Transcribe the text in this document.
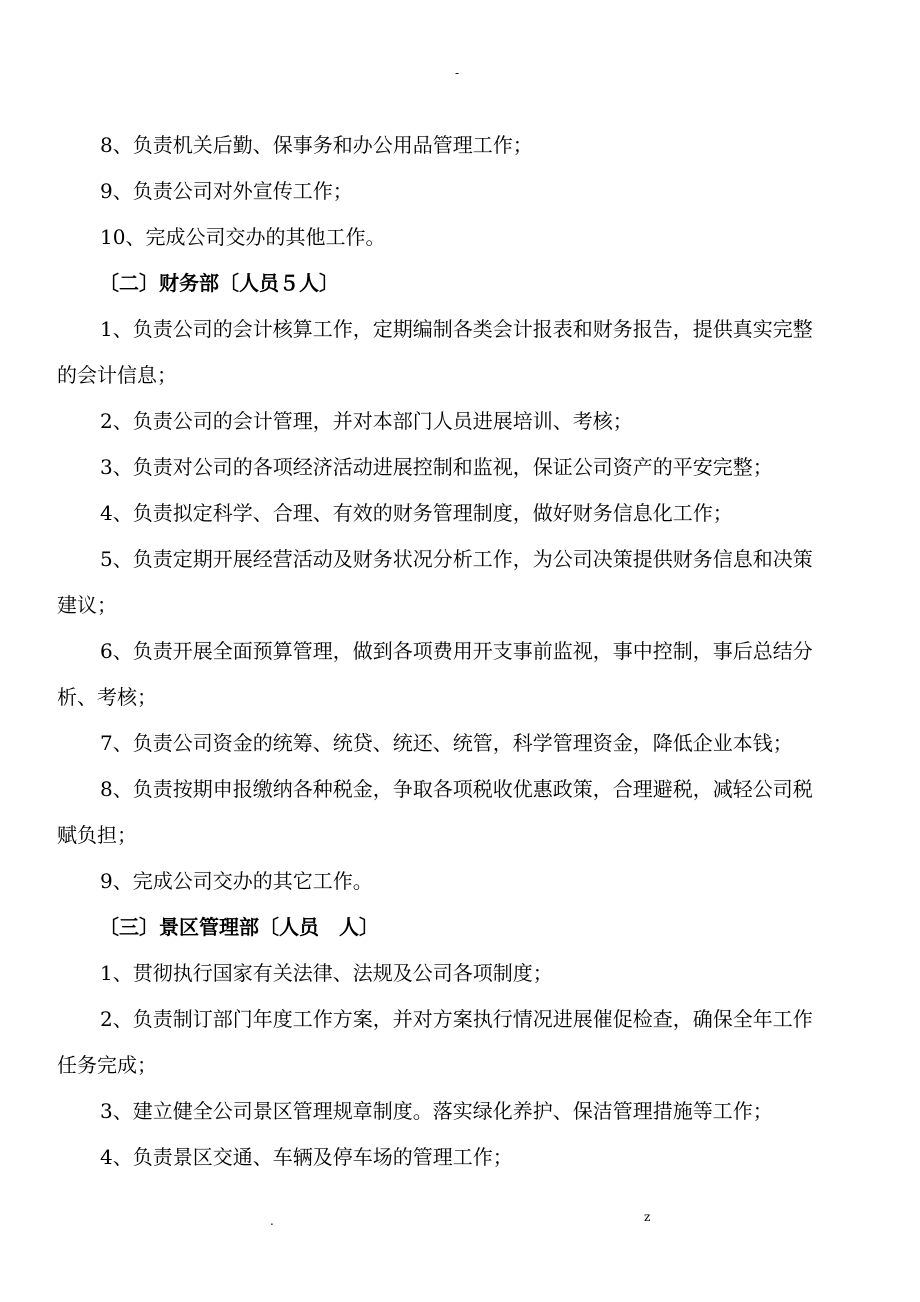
-

8、负责机关后勤、保事务和办公用品管理工作；

9、负责公司对外宣传工作；

10、完成公司交办的其他工作。

〔二〕财务部〔人员５人〕

1、负责公司的会计核算工作，定期编制各类会计报表和财务报告，提供真实完整的会计信息；

2、负责公司的会计管理，并对本部门人员进展培训、考核；

3、负责对公司的各项经济活动进展控制和监视，保证公司资产的平安完整；

4、负责拟定科学、合理、有效的财务管理制度，做好财务信息化工作；

5、负责定期开展经营活动及财务状况分析工作，为公司决策提供财务信息和决策建议；

6、负责开展全面预算管理，做到各项费用开支事前监视，事中控制，事后总结分析、考核；

7、负责公司资金的统筹、统贷、统还、统管，科学管理资金，降低企业本钱；

8、负责按期申报缴纳各种税金，争取各项税收优惠政策，合理避税，减轻公司税赋负担；

9、完成公司交办的其它工作。

〔三〕景区管理部〔人员　人〕

1、贯彻执行国家有关法律、法规及公司各项制度；

2、负责制订部门年度工作方案，并对方案执行情况进展催促检查，确保全年工作任务完成；

3、建立健全公司景区管理规章制度。落实绿化养护、保洁管理措施等工作；

4、负责景区交通、车辆及停车场的管理工作；

.	z
